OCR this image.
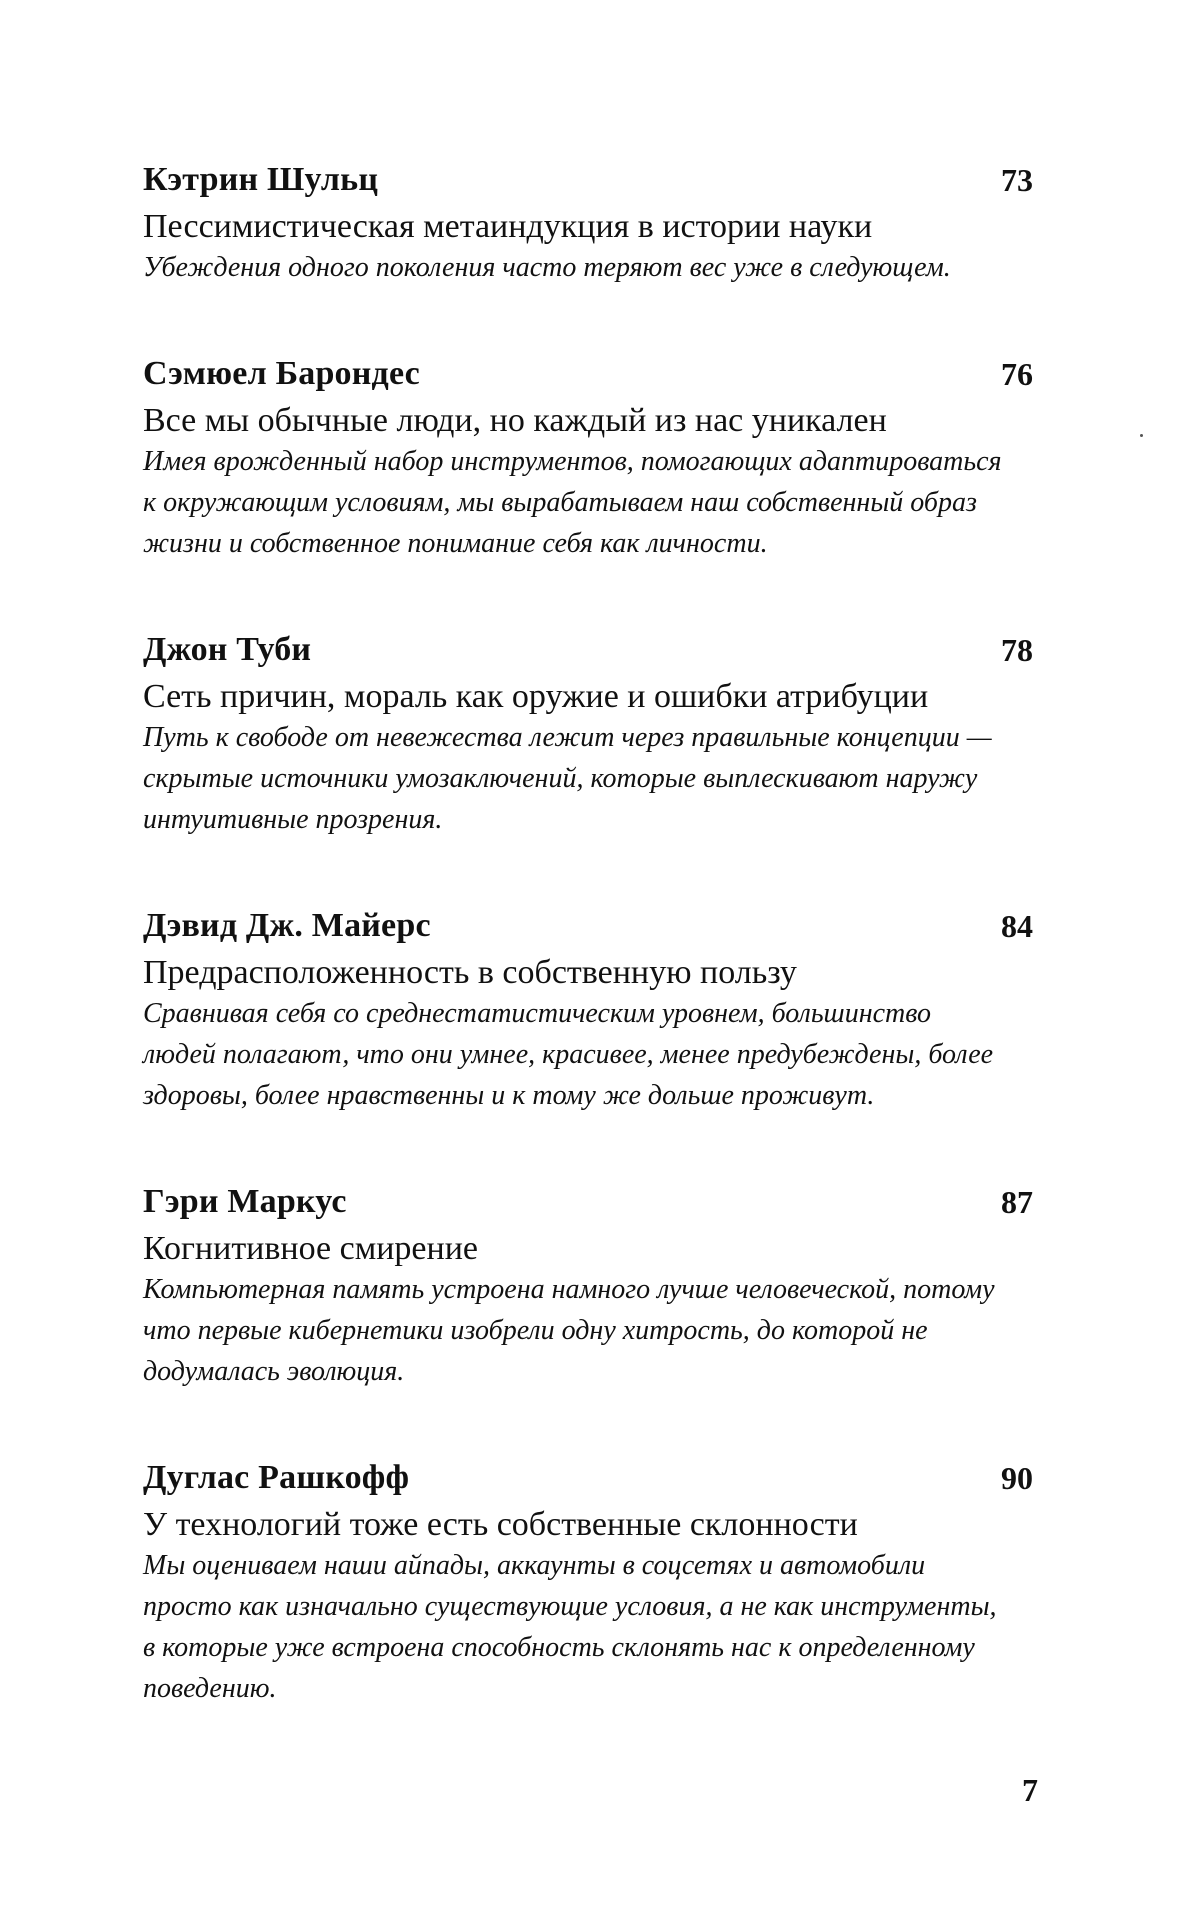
Кэтрин Шульц	73

Пессимистическая метаиндукция в истории науки

Убеждения одного поколения часто теряют вес уже в следующем.

Сэмюел Барондес	76

Все мы обычные люди, но каждый из нас уникален

Имея врожденный набор инструментов, помогающих адаптироваться к окружающим условиям, мы вырабатываем наш собственный образ жизни и собственное понимание себя как личности.

Джон Туби	78

Сеть причин, мораль как оружие и ошибки атрибуции

Путь к свободе от невежества лежит через правильные концепции — скрытые источники умозаключений, которые выплескивают наружу интуитивные прозрения.

Дэвид Дж. Майерс	84

Предрасположенность в собственную пользу

Сравнивая себя со среднестатистическим уровнем, большинство людей полагают, что они умнее, красивее, менее предубеждены, более здоровы, более нравственны и к тому же дольше проживут.

Гэри Маркус	87

Когнитивное смирение

Компьютерная память устроена намного лучше человеческой, потому что первые кибернетики изобрели одну хитрость, до которой не додумалась эволюция.

Дуглас Рашкофф	90

У технологий тоже есть собственные склонности

Мы оцениваем наши айпады, аккаунты в соцсетях и автомобили просто как изначально существующие условия, а не как инструменты, в которые уже встроена способность склонять нас к определенному поведению.

7
